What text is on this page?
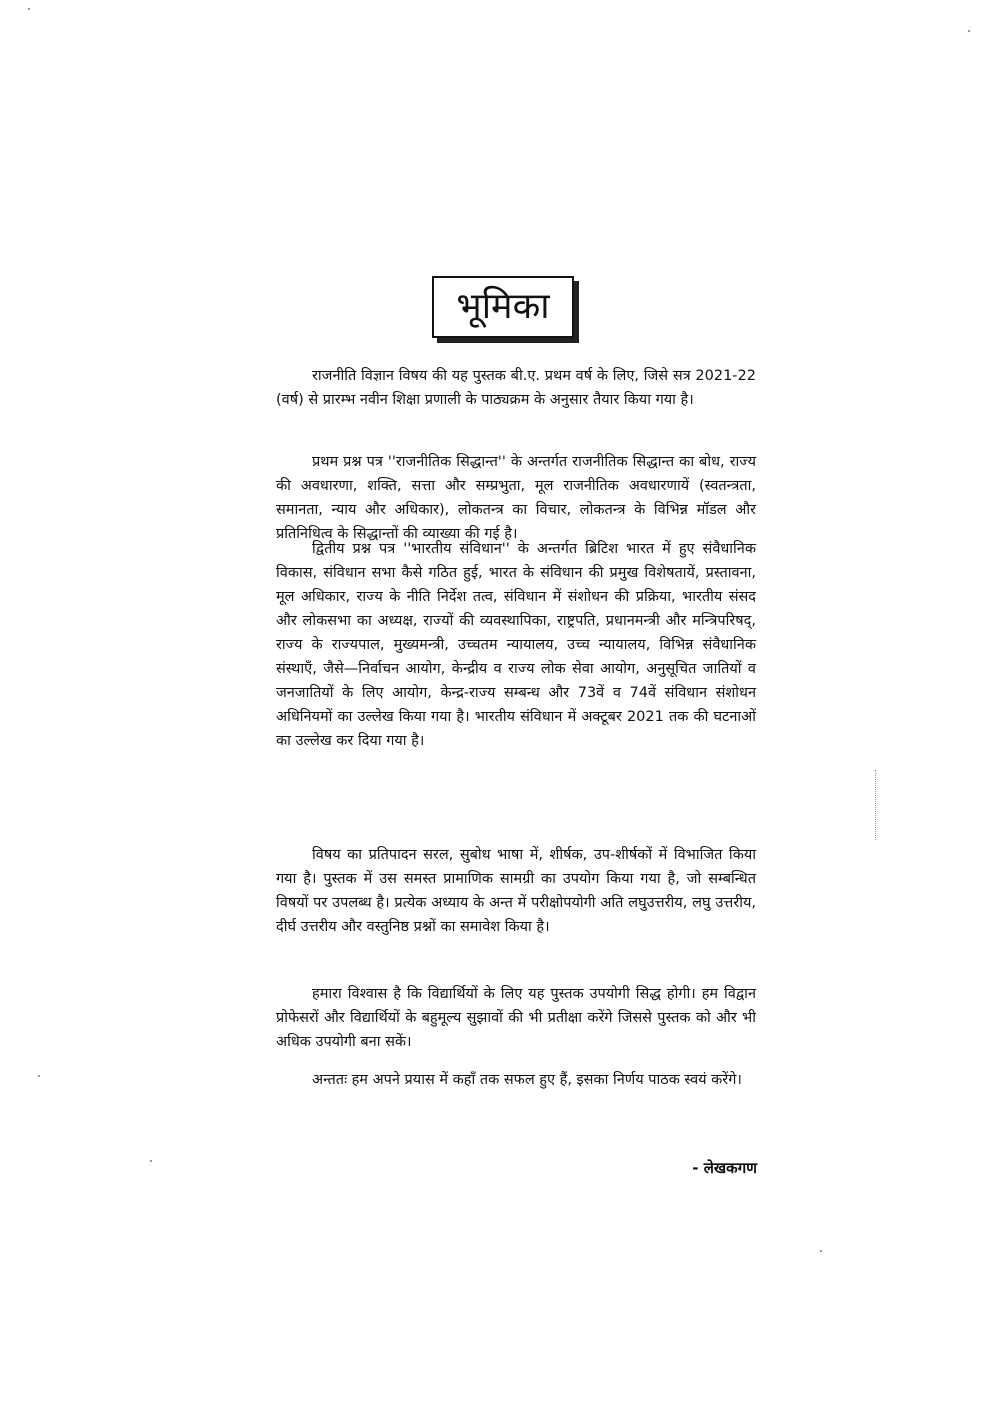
भूमिका

राजनीति विज्ञान विषय की यह पुस्तक बी.ए. प्रथम वर्ष के लिए, जिसे सत्र 2021-22 (वर्ष) से प्रारम्भ नवीन शिक्षा प्रणाली के पाठ्यक्रम के अनुसार तैयार किया गया है।

प्रथम प्रश्न पत्र ''राजनीतिक सिद्धान्त'' के अन्तर्गत राजनीतिक सिद्धान्त का बोध, राज्य की अवधारणा, शक्ति, सत्ता और सम्प्रभुता, मूल राजनीतिक अवधारणायें (स्वतन्त्रता, समानता, न्याय और अधिकार), लोकतन्त्र का विचार, लोकतन्त्र के विभिन्न मॉडल और प्रतिनिधित्व के सिद्धान्तों की व्याख्या की गई है।

द्वितीय प्रश्न पत्र ''भारतीय संविधान'' के अन्तर्गत ब्रिटिश भारत में हुए संवैधानिक विकास, संविधान सभा कैसे गठित हुई, भारत के संविधान की प्रमुख विशेषतायें, प्रस्तावना, मूल अधिकार, राज्य के नीति निर्देश तत्व, संविधान में संशोधन की प्रक्रिया, भारतीय संसद और लोकसभा का अध्यक्ष, राज्यों की व्यवस्थापिका, राष्ट्रपति, प्रधानमन्त्री और मन्त्रिपरिषद्, राज्य के राज्यपाल, मुख्यमन्त्री, उच्चतम न्यायालय, उच्च न्यायालय, विभिन्न संवैधानिक संस्थाएँ, जैसे—निर्वाचन आयोग, केन्द्रीय व राज्य लोक सेवा आयोग, अनुसूचित जातियों व जनजातियों के लिए आयोग, केन्द्र-राज्य सम्बन्ध और 73वें व 74वें संविधान संशोधन अधिनियमों का उल्लेख किया गया है। भारतीय संविधान में अक्टूबर 2021 तक की घटनाओं का उल्लेख कर दिया गया है।

विषय का प्रतिपादन सरल, सुबोध भाषा में, शीर्षक, उप-शीर्षकों में विभाजित किया गया है। पुस्तक में उस समस्त प्रामाणिक सामग्री का उपयोग किया गया है, जो सम्बन्धित विषयों पर उपलब्ध है। प्रत्येक अध्याय के अन्त में परीक्षोपयोगी अति लघुउत्तरीय, लघु उत्तरीय, दीर्घ उत्तरीय और वस्तुनिष्ठ प्रश्नों का समावेश किया है।

हमारा विश्वास है कि विद्यार्थियों के लिए यह पुस्तक उपयोगी सिद्ध होगी। हम विद्वान प्रोफेसरों और विद्यार्थियों के बहुमूल्य सुझावों की भी प्रतीक्षा करेंगे जिससे पुस्तक को और भी अधिक उपयोगी बना सकें।

अन्ततः हम अपने प्रयास में कहाँ तक सफल हुए हैं, इसका निर्णय पाठक स्वयं करेंगे।

- लेखकगण
